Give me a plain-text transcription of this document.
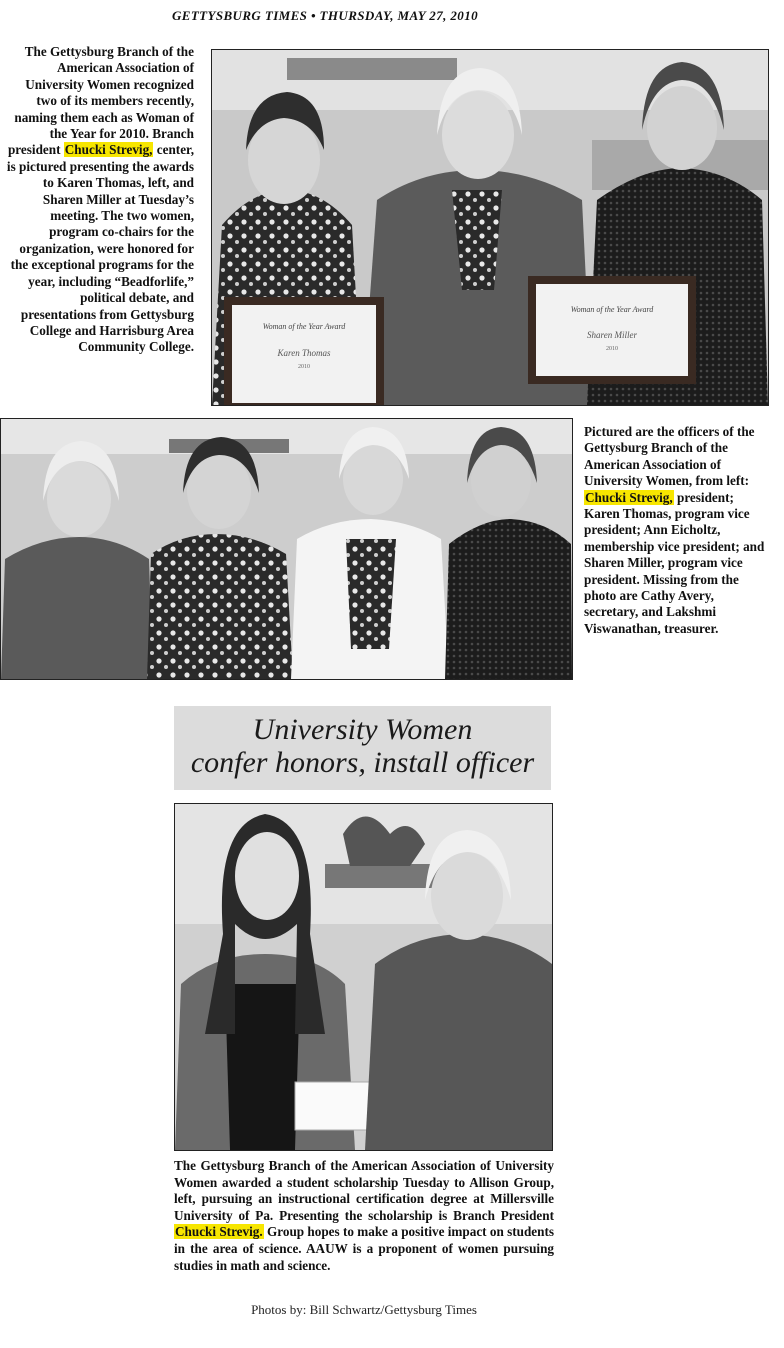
GETTYSBURG TIMES • THURSDAY, MAY 27, 2010
The Gettysburg Branch of the American Association of University Women recognized two of its members recently, naming them each as Woman of the Year for 2010. Branch president Chucki Strevig, center, is pictured presenting the awards to Karen Thomas, left, and Sharen Miller at Tuesday’s meeting. The two women, program co-chairs for the organization, were honored for the exceptional programs for the year, including “Beadforlife,” political debate, and presentations from Gettysburg College and Harrisburg Area Community College.
Woman of the Year Award
Karen Thomas
2010
Woman of the Year Award
Sharen Miller
2010
Pictured are the officers of the Gettysburg Branch of the American Association of University Women, from left: Chucki Strevig, president; Karen Thomas, program vice president; Ann Eicholtz, membership vice president; and Sharen Miller, program vice president. Missing from the photo are Cathy Avery, secretary, and Lakshmi Viswanathan, treasurer.
University Women
confer honors, install officer
The Gettysburg Branch of the American Association of University Women awarded a student scholarship Tuesday to Allison Group, left, pursuing an instructional certification degree at Millersville University of Pa. Presenting the scholarship is Branch President Chucki Strevig. Group hopes to make a positive impact on students in the area of science. AAUW is a proponent of women pursuing studies in math and science.
Photos by: Bill Schwartz/Gettysburg Times
